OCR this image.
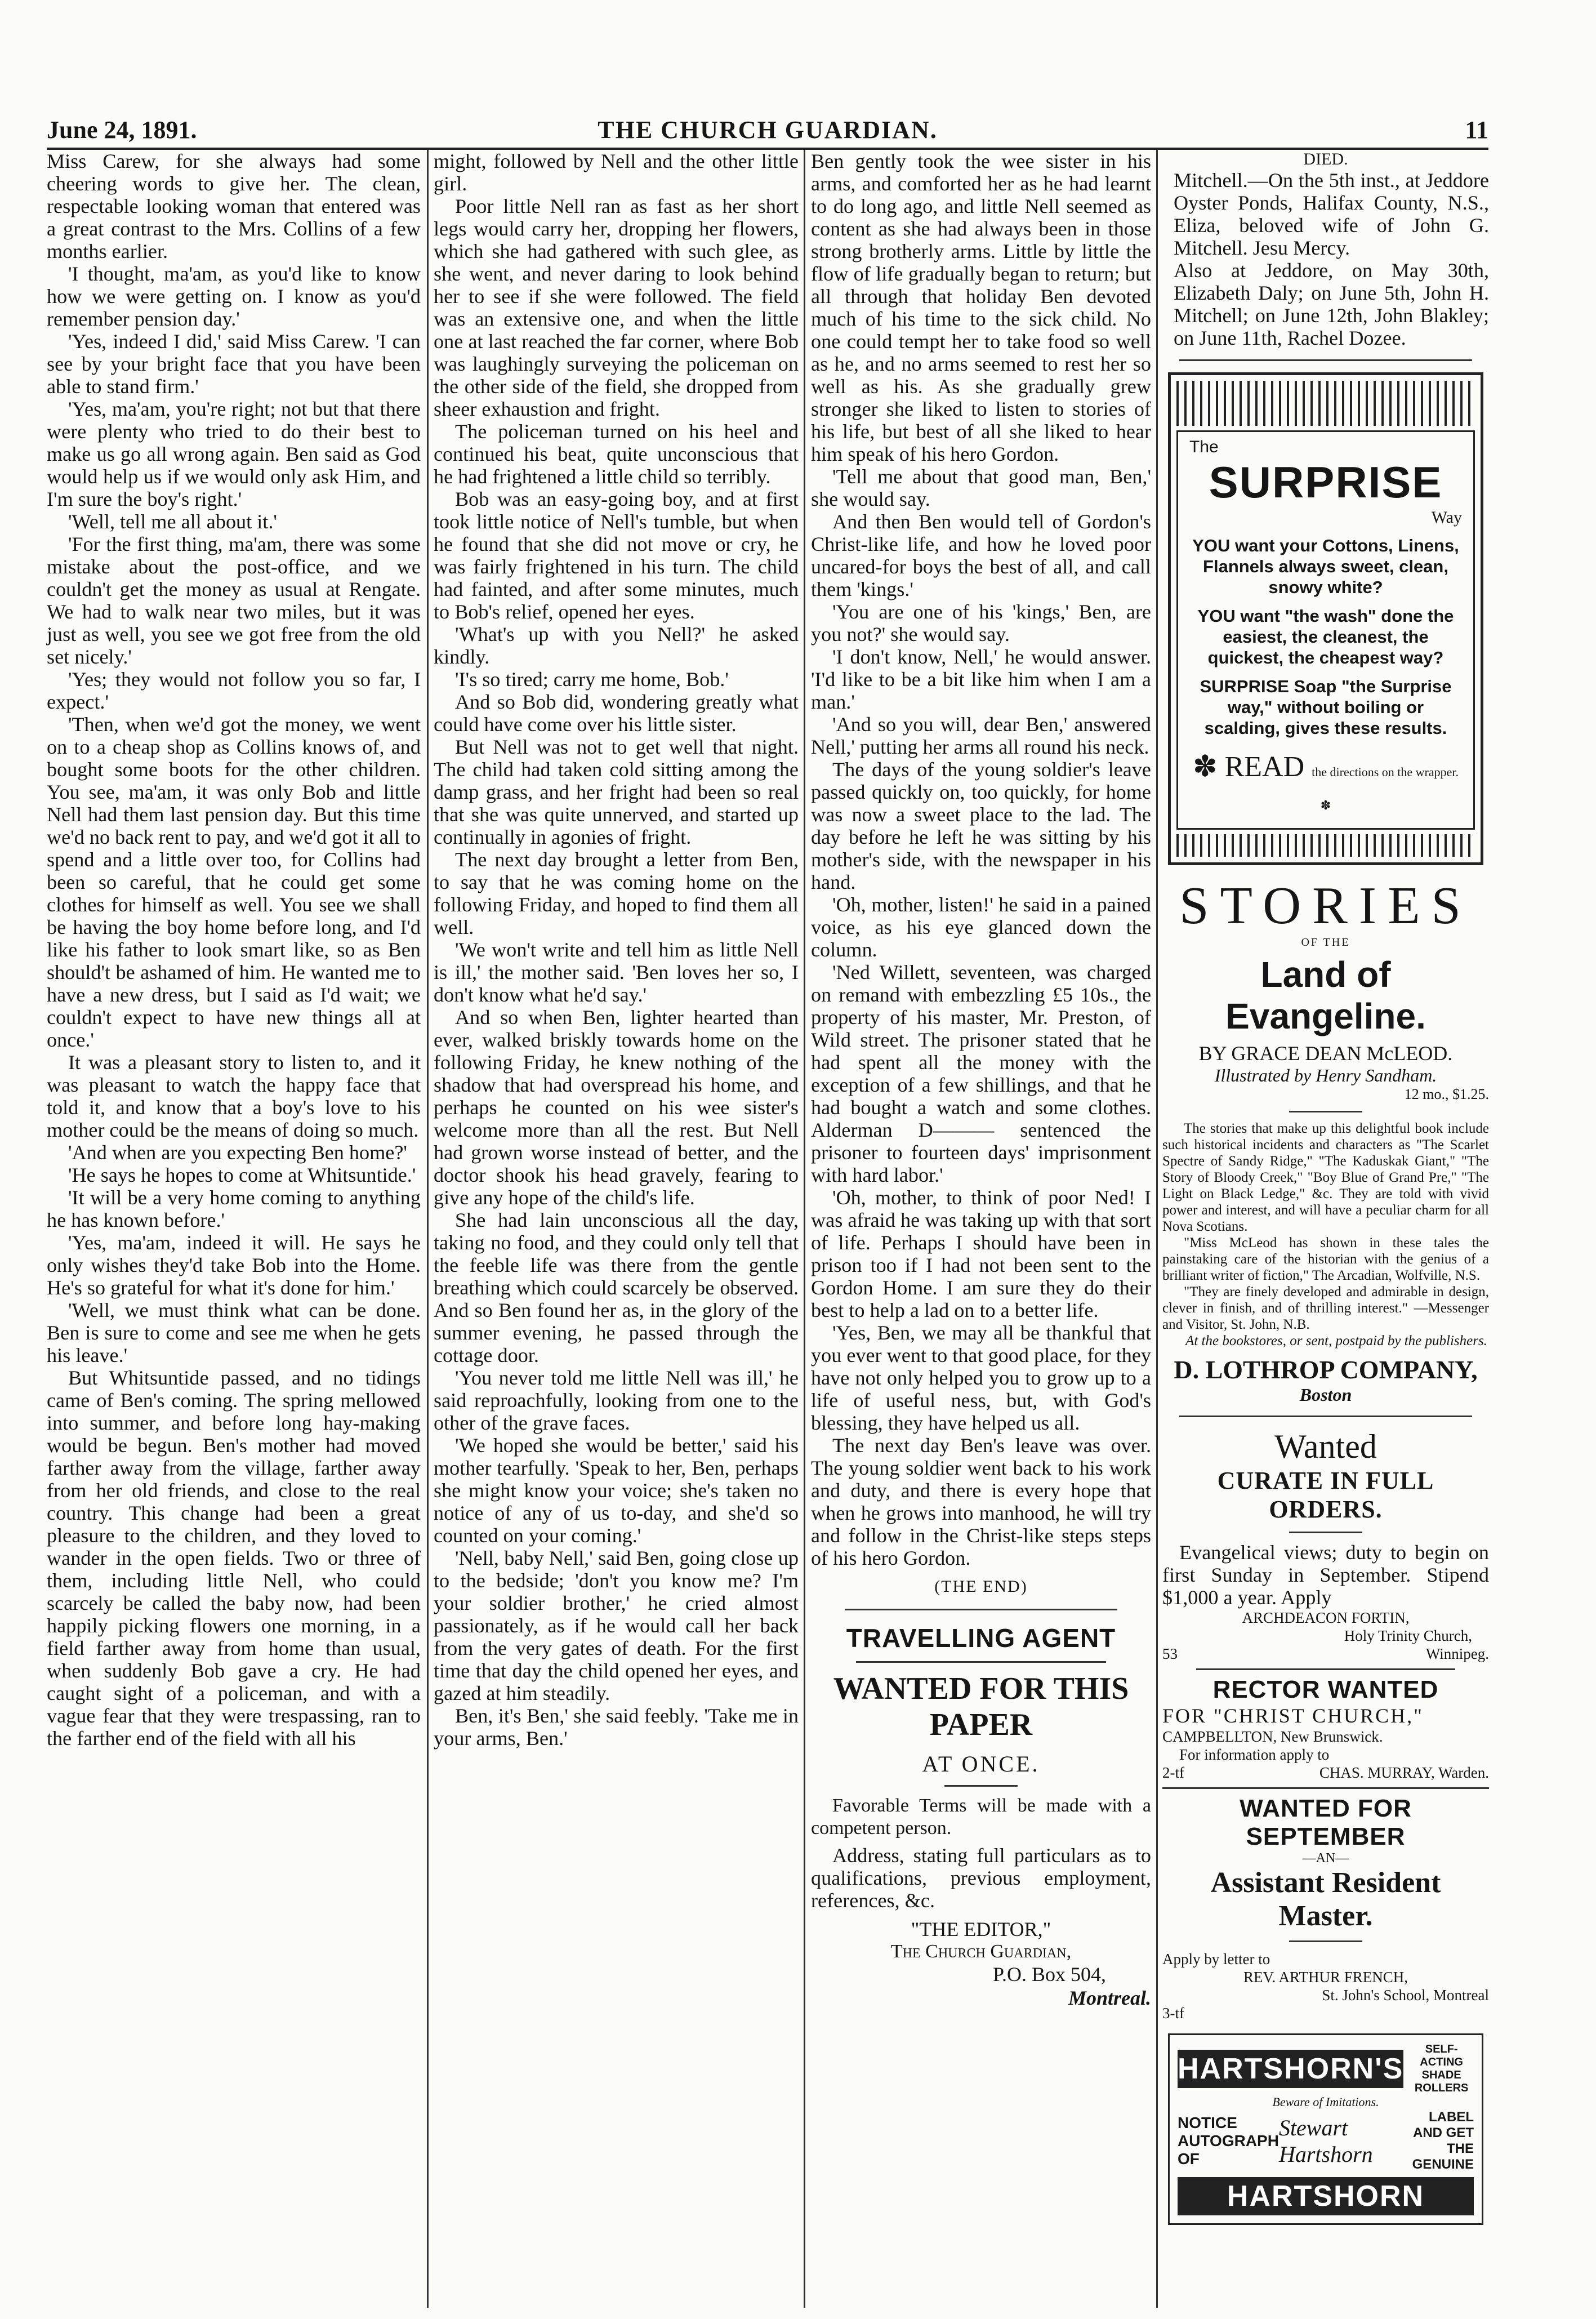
June 24, 1891.	THE CHURCH GUARDIAN.	11

Miss Carew, for she always had some cheering words to give her. The clean, respectable looking woman that entered was a great contrast to the Mrs. Collins of a few months earlier.

'I thought, ma'am, as you'd like to know how we were getting on. I know as you'd remember pension day.'

'Yes, indeed I did,' said Miss Carew. 'I can see by your bright face that you have been able to stand firm.'

'Yes, ma'am, you're right; not but that there were plenty who tried to do their best to make us go all wrong again. Ben said as God would help us if we would only ask Him, and I'm sure the boy's right.'

'Well, tell me all about it.'

'For the first thing, ma'am, there was some mistake about the post-office, and we couldn't get the money as usual at Rengate. We had to walk near two miles, but it was just as well, you see we got free from the old set nicely.'

'Yes; they would not follow you so far, I expect.'

'Then, when we'd got the money, we went on to a cheap shop as Collins knows of, and bought some boots for the other children. You see, ma'am, it was only Bob and little Nell had them last pension day. But this time we'd no back rent to pay, and we'd got it all to spend and a little over too, for Collins had been so careful, that he could get some clothes for himself as well. You see we shall be having the boy home before long, and I'd like his father to look smart like, so as Ben should't be ashamed of him. He wanted me to have a new dress, but I said as I'd wait; we couldn't expect to have new things all at once.'

It was a pleasant story to listen to, and it was pleasant to watch the happy face that told it, and know that a boy's love to his mother could be the means of doing so much.

'And when are you expecting Ben home?'

'He says he hopes to come at Whitsuntide.'

'It will be a very home coming to anything he has known before.'

'Yes, ma'am, indeed it will. He says he only wishes they'd take Bob into the Home. He's so grateful for what it's done for him.'

'Well, we must think what can be done. Ben is sure to come and see me when he gets his leave.'

But Whitsuntide passed, and no tidings came of Ben's coming. The spring mellowed into summer, and before long hay-making would be begun. Ben's mother had moved farther away from the village, farther away from her old friends, and close to the real country. This change had been a great pleasure to the children, and they loved to wander in the open fields. Two or three of them, including little Nell, who could scarcely be called the baby now, had been happily picking flowers one morning, in a field farther away from home than usual, when suddenly Bob gave a cry. He had caught sight of a policeman, and with a vague fear that they were trespassing, ran to the farther end of the field with all his

might, followed by Nell and the other little girl.

Poor little Nell ran as fast as her short legs would carry her, dropping her flowers, which she had gathered with such glee, as she went, and never daring to look behind her to see if she were followed. The field was an extensive one, and when the little one at last reached the far corner, where Bob was laughingly surveying the policeman on the other side of the field, she dropped from sheer exhaustion and fright.

The policeman turned on his heel and continued his beat, quite unconscious that he had frightened a little child so terribly.

Bob was an easy-going boy, and at first took little notice of Nell's tumble, but when he found that she did not move or cry, he was fairly frightened in his turn. The child had fainted, and after some minutes, much to Bob's relief, opened her eyes.

'What's up with you Nell?' he asked kindly.

'I's so tired; carry me home, Bob.'

And so Bob did, wondering greatly what could have come over his little sister.

But Nell was not to get well that night. The child had taken cold sitting among the damp grass, and her fright had been so real that she was quite unnerved, and started up continually in agonies of fright.

The next day brought a letter from Ben, to say that he was coming home on the following Friday, and hoped to find them all well.

'We won't write and tell him as little Nell is ill,' the mother said. 'Ben loves her so, I don't know what he'd say.'

And so when Ben, lighter hearted than ever, walked briskly towards home on the following Friday, he knew nothing of the shadow that had overspread his home, and perhaps he counted on his wee sister's welcome more than all the rest. But Nell had grown worse instead of better, and the doctor shook his head gravely, fearing to give any hope of the child's life.

She had lain unconscious all the day, taking no food, and they could only tell that the feeble life was there from the gentle breathing which could scarcely be observed. And so Ben found her as, in the glory of the summer evening, he passed through the cottage door.

'You never told me little Nell was ill,' he said reproachfully, looking from one to the other of the grave faces.

'We hoped she would be better,' said his mother tearfully. 'Speak to her, Ben, perhaps she might know your voice; she's taken no notice of any of us to-day, and she'd so counted on your coming.'

'Nell, baby Nell,' said Ben, going close up to the bedside; 'don't you know me? I'm your soldier brother,' he cried almost passionately, as if he would call her back from the very gates of death. For the first time that day the child opened her eyes, and gazed at him steadily.

Ben, it's Ben,' she said feebly. 'Take me in your arms, Ben.'

Ben gently took the wee sister in his arms, and comforted her as he had learnt to do long ago, and little Nell seemed as content as she had always been in those strong brotherly arms. Little by little the flow of life gradually began to return; but all through that holiday Ben devoted much of his time to the sick child. No one could tempt her to take food so well as he, and no arms seemed to rest her so well as his. As she gradually grew stronger she liked to listen to stories of his life, but best of all she liked to hear him speak of his hero Gordon.

'Tell me about that good man, Ben,' she would say.

And then Ben would tell of Gordon's Christ-like life, and how he loved poor uncared-for boys the best of all, and call them 'kings.'

'You are one of his 'kings,' Ben, are you not?' she would say.

'I don't know, Nell,' he would answer. 'I'd like to be a bit like him when I am a man.'

'And so you will, dear Ben,' answered Nell,' putting her arms all round his neck.

The days of the young soldier's leave passed quickly on, too quickly, for home was now a sweet place to the lad. The day before he left he was sitting by his mother's side, with the newspaper in his hand.

'Oh, mother, listen!' he said in a pained voice, as his eye glanced down the column.

'Ned Willett, seventeen, was charged on remand with embezzling £5 10s., the property of his master, Mr. Preston, of Wild street. The prisoner stated that he had spent all the money with the exception of a few shillings, and that he had bought a watch and some clothes. Alderman D——— sentenced the prisoner to fourteen days' imprisonment with hard labor.'

'Oh, mother, to think of poor Ned! I was afraid he was taking up with that sort of life. Perhaps I should have been in prison too if I had not been sent to the Gordon Home. I am sure they do their best to help a lad on to a better life.

'Yes, Ben, we may all be thankful that you ever went to that good place, for they have not only helped you to grow up to a life of useful ness, but, with God's blessing, they have helped us all.

The next day Ben's leave was over. The young soldier went back to his work and duty, and there is every hope that when he grows into manhood, he will try and follow in the Christ-like steps steps of his hero Gordon.

(THE END)
TRAVELLING AGENT
WANTED FOR THIS PAPER
AT ONCE.

Favorable Terms will be made with a competent person.

Address, stating full particulars as to qualifications, previous employment, references, &c.

"THE EDITOR,"
The Church Guardian,
P.O. Box 504,
Montreal.
DIED.

Mitchell.—On the 5th inst., at Jeddore Oyster Ponds, Halifax County, N.S., Eliza, beloved wife of John G. Mitchell. Jesu Mercy.

Also at Jeddore, on May 30th, Elizabeth Daly; on June 5th, John H. Mitchell; on June 12th, John Blakley; on June 11th, Rachel Dozee.

The
SURPRISE
Way
YOU want your Cottons, Linens, Flannels always sweet, clean, snowy white?
YOU want "the wash" done the easiest, the cleanest, the quickest, the cheapest way?
SURPRISE Soap "the Surprise way," without boiling or scalding, gives these results.
✽ READ the directions on the wrapper. ✽
STORIES
OF THE
Land of Evangeline.
BY GRACE DEAN McLEOD.
Illustrated by Henry Sandham.
12 mo., $1.25.

The stories that make up this delightful book include such historical incidents and characters as "The Scarlet Spectre of Sandy Ridge," "The Kaduskak Giant," "The Story of Bloody Creek," "Boy Blue of Grand Pre," "The Light on Black Ledge," &c. They are told with vivid power and interest, and will have a peculiar charm for all Nova Scotians.

"Miss McLeod has shown in these tales the painstaking care of the historian with the genius of a brilliant writer of fiction," The Arcadian, Wolfville, N.S.

"They are finely developed and admirable in design, clever in finish, and of thrilling interest." —Messenger and Visitor, St. John, N.B.

At the bookstores, or sent, postpaid by the publishers.

D. LOTHROP COMPANY, Boston
Wanted
CURATE IN FULL ORDERS.

Evangelical views; duty to begin on first Sunday in September. Stipend $1,000 a year. Apply

ARCHDEACON FORTIN,
Holy Trinity Church,
53	Winnipeg.
RECTOR WANTED
FOR "CHRIST CHURCH,"
CAMPBELLTON, New Brunswick.
For information apply to
2-tf	CHAS. MURRAY, Warden.
WANTED FOR SEPTEMBER
—AN—
Assistant Resident Master.
Apply by letter to
REV. ARTHUR FRENCH,
St. John's School, Montreal
3-tf
HARTSHORN'S
SELF-ACTING SHADE ROLLERS
Beware of Imitations.
NOTICE AUTOGRAPH OF
Stewart Hartshorn
LABEL AND GET THE GENUINE
HARTSHORN
